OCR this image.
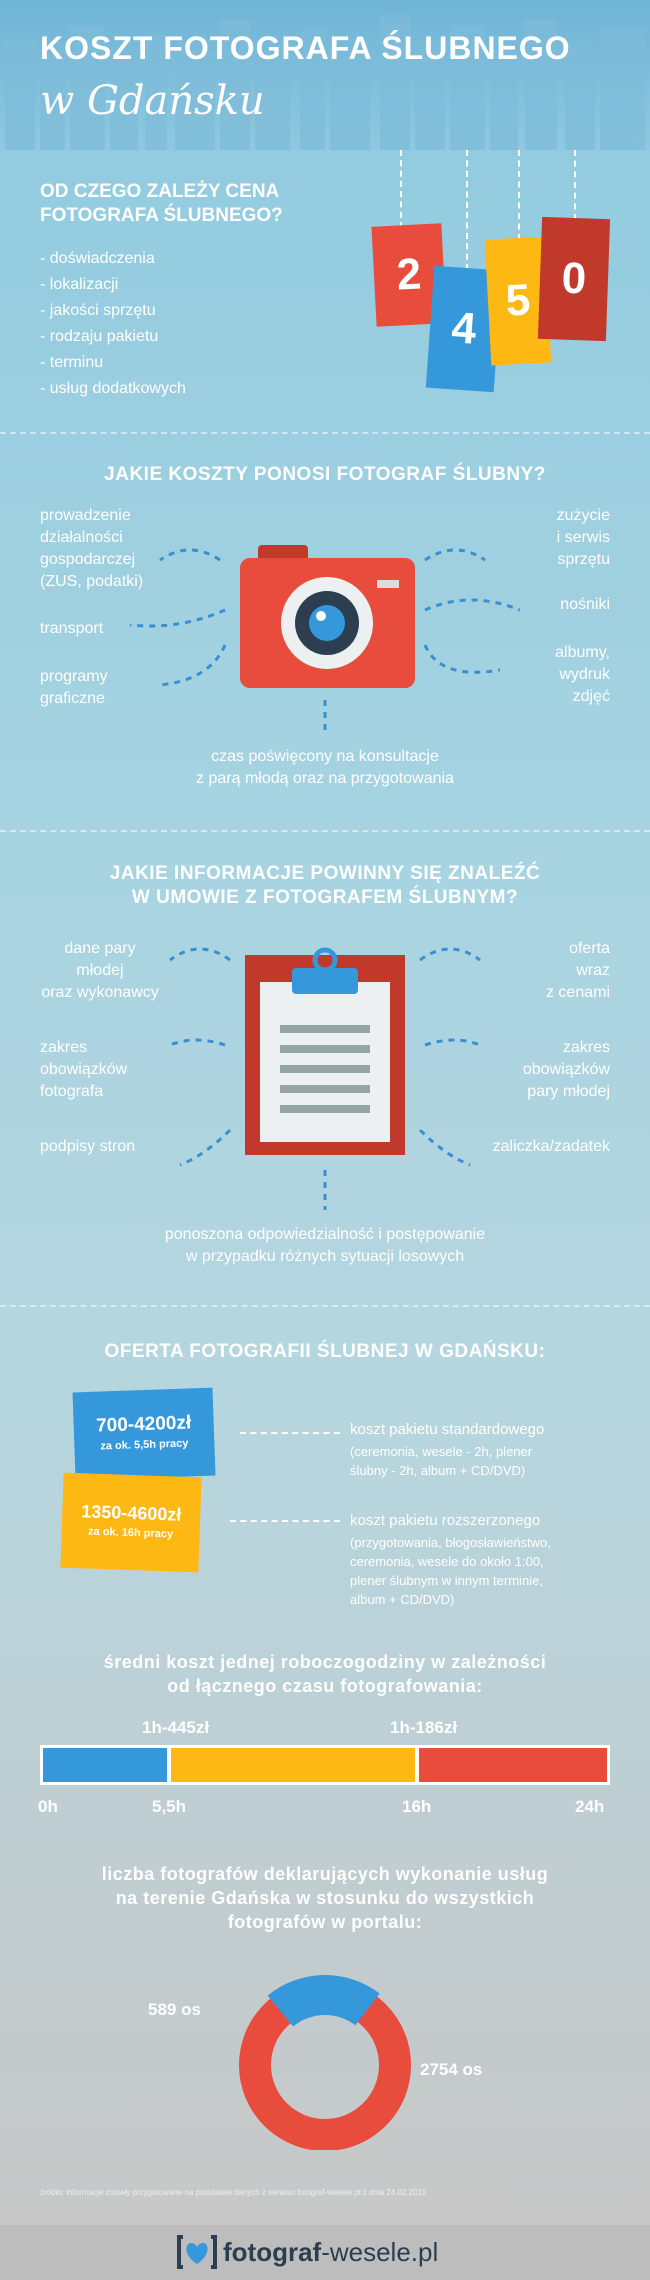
KOSZT FOTOGRAFA ŚLUBNEGO
w Gdańsku
OD CZEGO ZALEŻY CENA
FOTOGRAFA ŚLUBNEGO?
- doświadczenia
- lokalizacji
- jakości sprzętu
- rodzaju pakietu
- terminu
- usług dodatkowych
2
4
5 0
JAKIE KOSZTY PONOSI FOTOGRAF ŚLUBNY?
prowadzenie
działalności
gospodarczej
(ZUS, podatki)
transport
programy
graficzne
zużycie
i serwis
sprzętu
nośniki
albumy,
wydruk
zdjęć
czas poświęcony na konsultacje
z parą młodą oraz na przygotowania
JAKIE INFORMACJE POWINNY SIĘ ZNALEŹĆ
W UMOWIE Z FOTOGRAFEM ŚLUBNYM?
dane pary
młodej
oraz wykonawcy
zakres
obowiązków
fotografa
podpisy stron
oferta
wraz
z cenami
zakres
obowiązków
pary młodej
zaliczka/zadatek
ponoszona odpowiedzialność i postępowanie
w przypadku różnych sytuacji losowych
OFERTA FOTOGRAFII ŚLUBNEJ W GDAŃSKU:
700-4200zł
za ok. 5,5h pracy
1350-4600zł
za ok. 16h pracy
koszt pakietu standardowego
(ceremonia, wesele - 2h, plener
ślubny - 2h, album + CD/DVD)
koszt pakietu rozszerzonego
(przygotowania, błogosławieństwo,
ceremonia, wesele do około 1:00,
plener ślubnym w innym terminie,
album + CD/DVD)
średni koszt jednej roboczogodziny w zależności
od łącznego czasu fotografowania:
1h-445zł	1h-186zł
0h	5,5h	16h	24h
liczba fotografów deklarujących wykonanie usług
na terenie Gdańska w stosunku do wszystkich
fotografów w portalu:
589 os
2754 os
źródło: informacje zostały przygotowane na podstawie danych z serwisu fotograf-wesele.pl z dnia 24.02.2015
fotograf -wesele.pl
